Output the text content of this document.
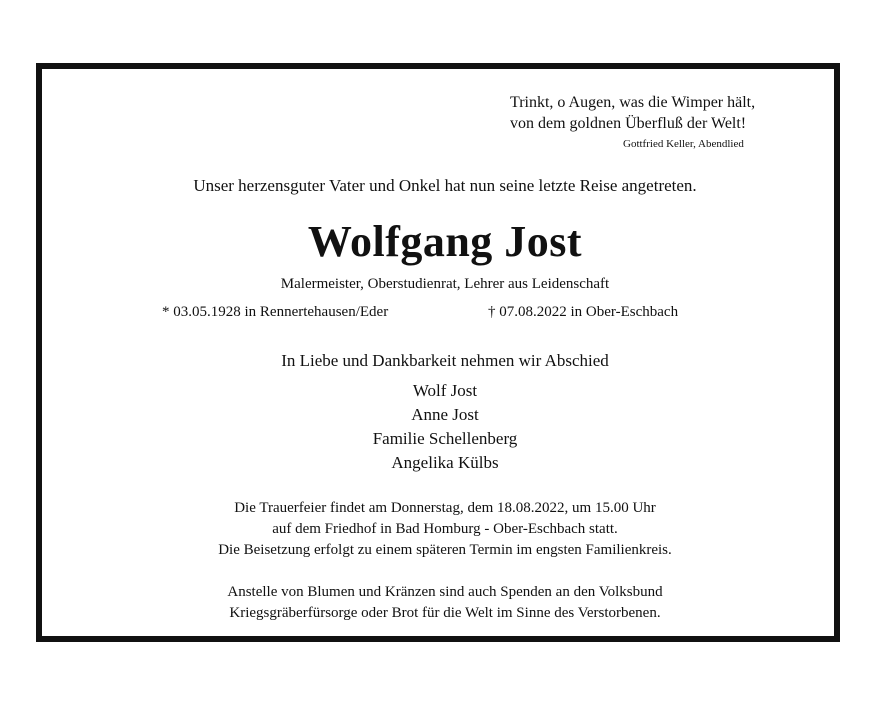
Trinkt, o Augen, was die Wimper hält,
von dem goldnen Überfluß der Welt!
Gottfried Keller, Abendlied
Unser herzensguter Vater und Onkel hat nun seine letzte Reise angetreten.
Wolfgang Jost
Malermeister, Oberstudienrat, Lehrer aus Leidenschaft
* 03.05.1928 in Rennertehausen/Eder	† 07.08.2022 in Ober-Eschbach
In Liebe und Dankbarkeit nehmen wir Abschied
Wolf Jost
Anne Jost
Familie Schellenberg
Angelika Külbs
Die Trauerfeier findet am Donnerstag, dem 18.08.2022, um 15.00 Uhr
auf dem Friedhof in Bad Homburg - Ober-Eschbach statt.
Die Beisetzung erfolgt zu einem späteren Termin im engsten Familienkreis.
Anstelle von Blumen und Kränzen sind auch Spenden an den Volksbund
Kriegsgräberfürsorge oder Brot für die Welt im Sinne des Verstorbenen.
